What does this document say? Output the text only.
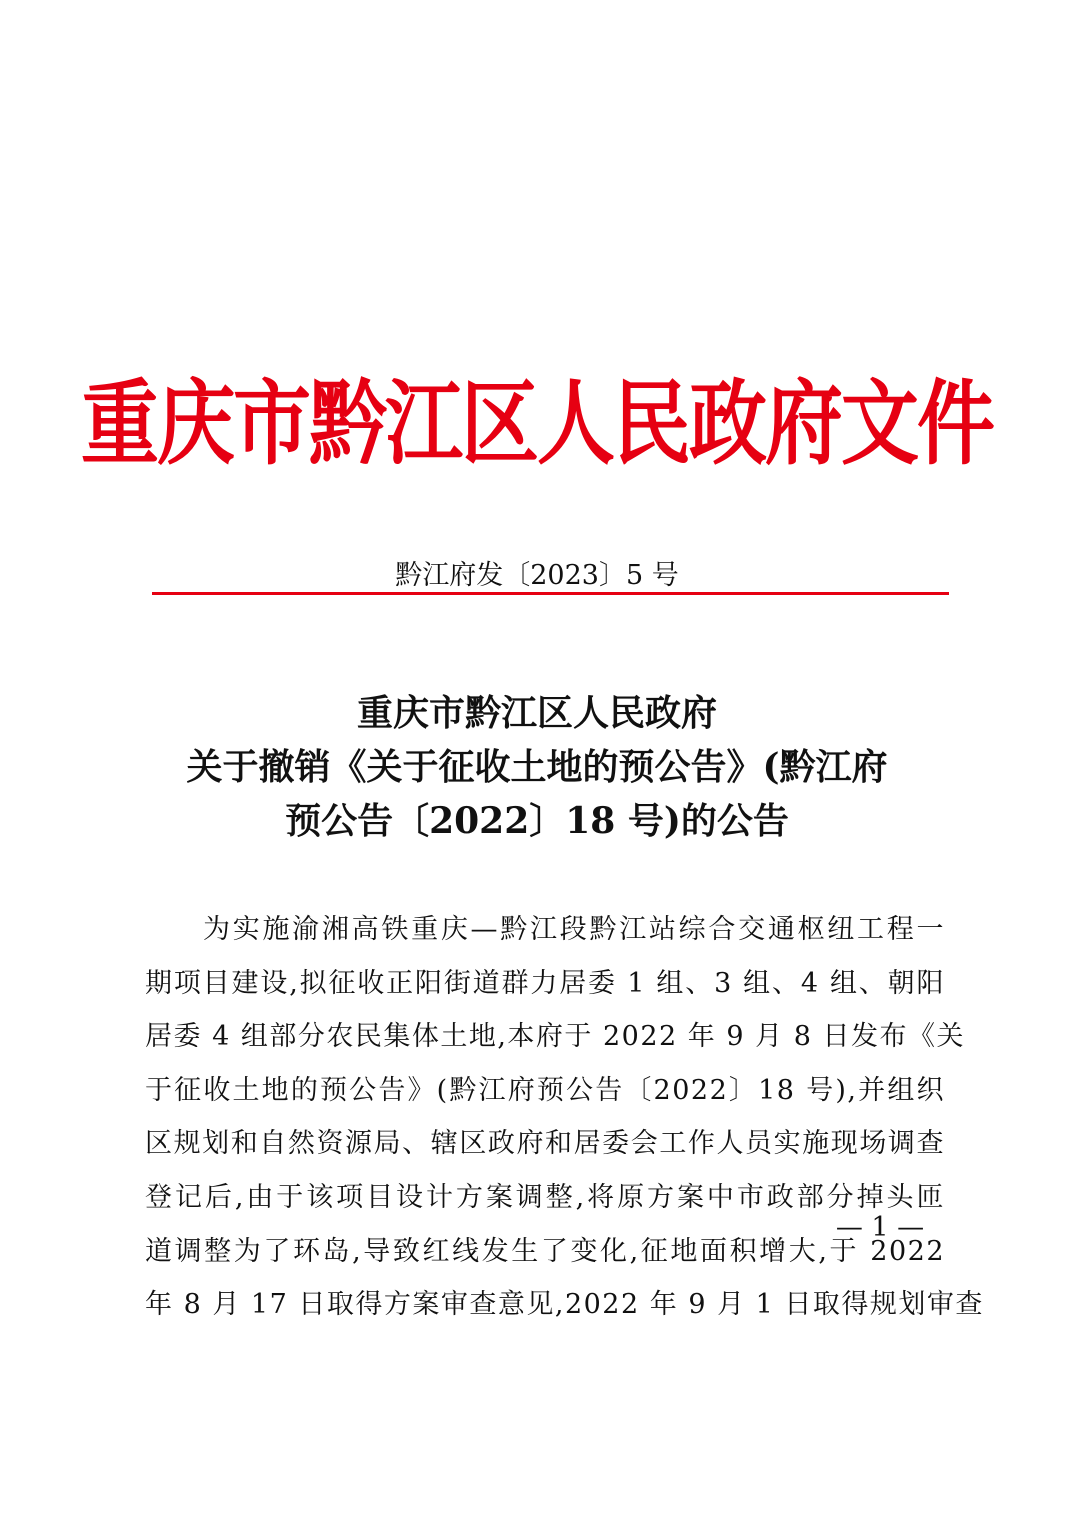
重庆市黔江区人民政府文件
黔江府发〔2023〕5 号
重庆市黔江区人民政府
关于撤销《关于征收土地的预公告》(黔江府
预公告〔2022〕18 号)的公告
为实施渝湘高铁重庆—黔江段黔江站综合交通枢纽工程一
期项目建设,拟征收正阳街道群力居委 1 组、3 组、4 组、朝阳
居委 4 组部分农民集体土地,本府于 2022 年 9 月 8 日发布《关
于征收土地的预公告》(黔江府预公告〔2022〕18 号),并组织
区规划和自然资源局、辖区政府和居委会工作人员实施现场调查
登记后,由于该项目设计方案调整,将原方案中市政部分掉头匝
道调整为了环岛,导致红线发生了变化,征地面积增大,于 2022
年 8 月 17 日取得方案审查意见,2022 年 9 月 1 日取得规划审查
— 1 —
